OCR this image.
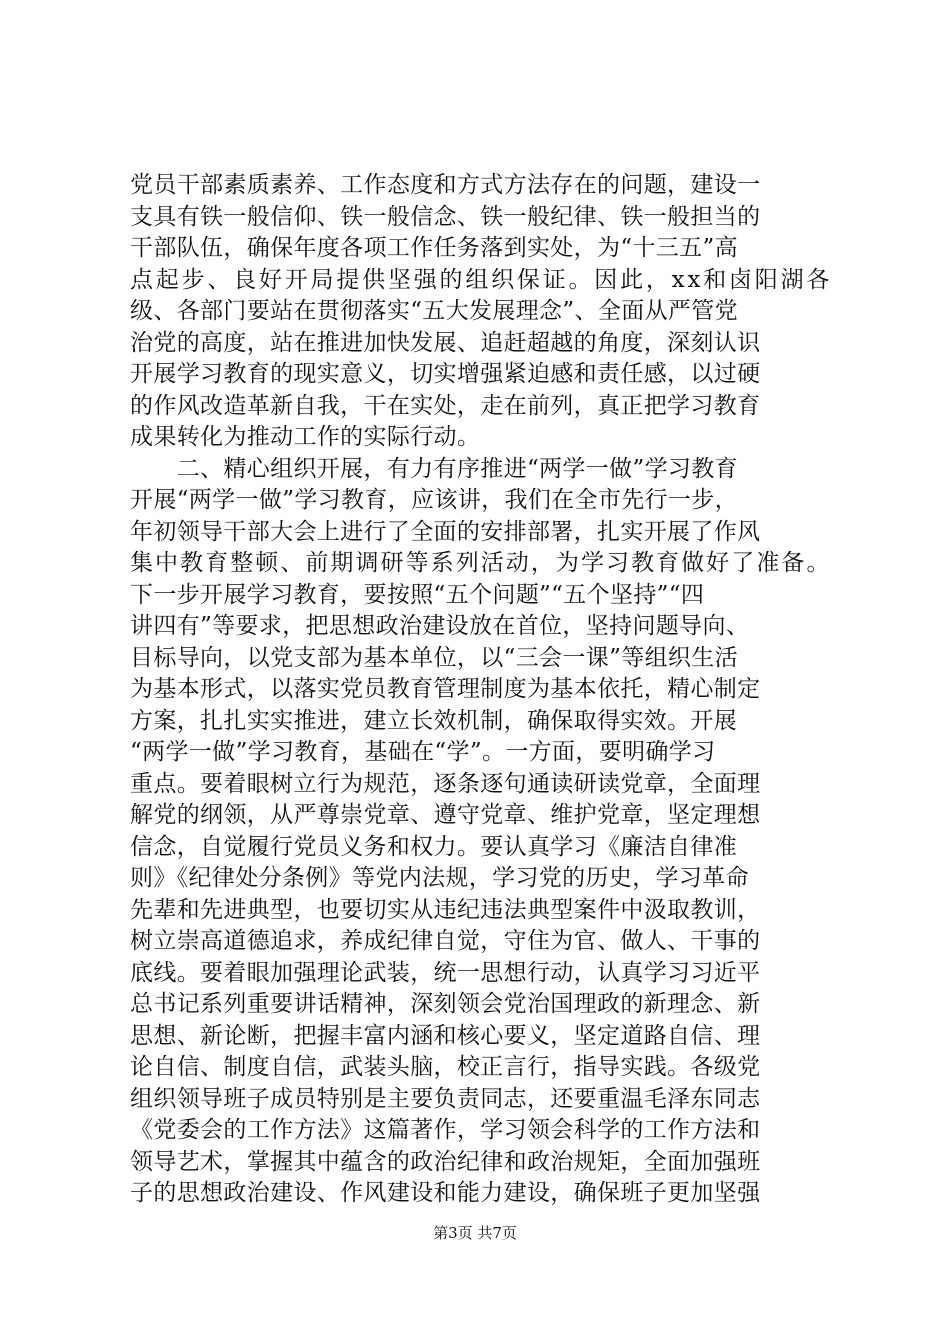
党员干部素质素养、工作态度和方式方法存在的问题，建设一
支具有铁一般信仰、铁一般信念、铁一般纪律、铁一般担当的
干部队伍，确保年度各项工作任务落到实处，为“十三五”高
点起步、良好开局提供坚强的组织保证。因此，xx和卤阳湖各
级、各部门要站在贯彻落实“五大发展理念”、全面从严管党
治党的高度，站在推进加快发展、追赶超越的角度，深刻认识
开展学习教育的现实意义，切实增强紧迫感和责任感，以过硬
的作风改造革新自我，干在实处，走在前列，真正把学习教育
成果转化为推动工作的实际行动。
　　二、精心组织开展，有力有序推进“两学一做”学习教育
开展“两学一做”学习教育，应该讲，我们在全市先行一步，
年初领导干部大会上进行了全面的安排部署，扎实开展了作风
集中教育整顿、前期调研等系列活动，为学习教育做好了准备。
下一步开展学习教育，要按照“五个问题”“五个坚持”“四
讲四有”等要求，把思想政治建设放在首位，坚持问题导向、
目标导向，以党支部为基本单位，以“三会一课”等组织生活
为基本形式，以落实党员教育管理制度为基本依托，精心制定
方案，扎扎实实推进，建立长效机制，确保取得实效。开展
“两学一做”学习教育，基础在“学”。一方面，要明确学习
重点。要着眼树立行为规范，逐条逐句通读研读党章，全面理
解党的纲领，从严尊崇党章、遵守党章、维护党章，坚定理想
信念，自觉履行党员义务和权力。要认真学习《廉洁自律准
则》《纪律处分条例》等党内法规，学习党的历史，学习革命
先辈和先进典型，也要切实从违纪违法典型案件中汲取教训，
树立崇高道德追求，养成纪律自觉，守住为官、做人、干事的
底线。要着眼加强理论武装，统一思想行动，认真学习习近平
总书记系列重要讲话精神，深刻领会党治国理政的新理念、新
思想、新论断，把握丰富内涵和核心要义，坚定道路自信、理
论自信、制度自信，武装头脑，校正言行，指导实践。各级党
组织领导班子成员特别是主要负责同志，还要重温毛泽东同志
《党委会的工作方法》这篇著作，学习领会科学的工作方法和
领导艺术，掌握其中蕴含的政治纪律和政治规矩，全面加强班
子的思想政治建设、作风建设和能力建设，确保班子更加坚强
第3页 共7页
